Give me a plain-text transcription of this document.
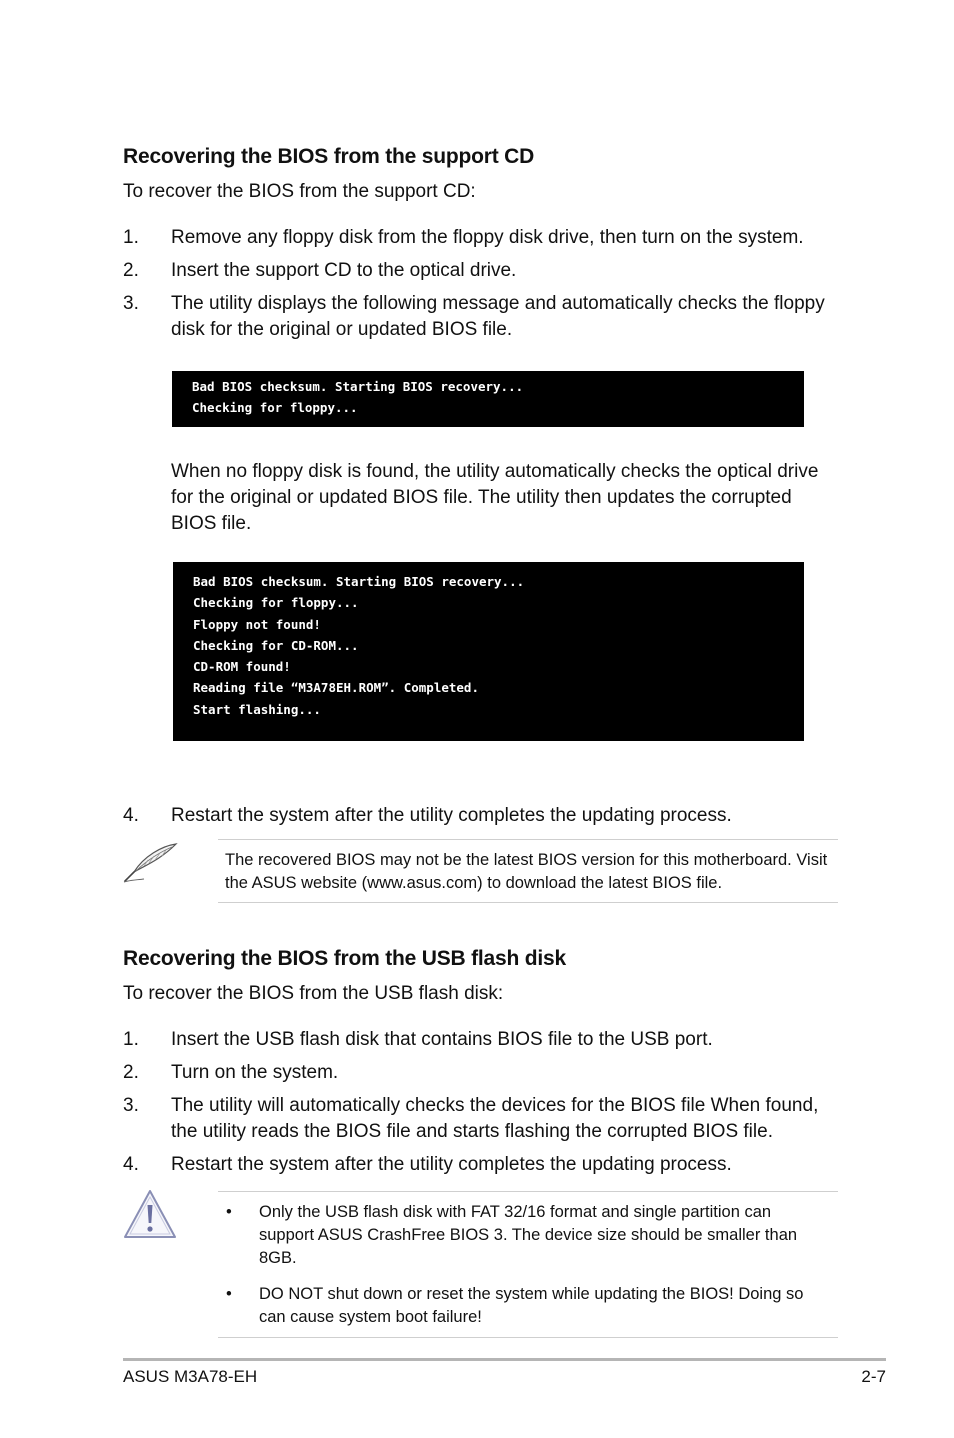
Recovering the BIOS from the support CD
To recover the BIOS from the support CD:
1. Remove any floppy disk from the floppy disk drive, then turn on the system.
2. Insert the support CD to the optical drive.
3. The utility displays the following message and automatically checks the floppy disk for the original or updated BIOS file.
Bad BIOS checksum. Starting BIOS recovery...
Checking for floppy...
When no floppy disk is found, the utility automatically checks the optical drive for the original or updated BIOS file. The utility then updates the corrupted BIOS file.
Bad BIOS checksum. Starting BIOS recovery...
Checking for floppy...
Floppy not found!
Checking for CD-ROM...
CD-ROM found!
Reading file “M3A78EH.ROM”. Completed.
Start flashing...
4. Restart the system after the utility completes the updating process.
The recovered BIOS may not be the latest BIOS version for this motherboard. Visit the ASUS website (www.asus.com) to download the latest BIOS file.
Recovering the BIOS from the USB flash disk
To recover the BIOS from the USB flash disk:
1. Insert the USB flash disk that contains BIOS file to the USB port.
2. Turn on the system.
3. The utility will automatically checks the devices for the BIOS file When found, the utility reads the BIOS file and starts flashing the corrupted BIOS file.
4. Restart the system after the utility completes the updating process.
• Only the USB flash disk with FAT 32/16 format and single partition can support ASUS CrashFree BIOS 3. The device size should be smaller than 8GB.
• DO NOT shut down or reset the system while updating the BIOS! Doing so can cause system boot failure!
ASUS M3A78-EH	2-7
